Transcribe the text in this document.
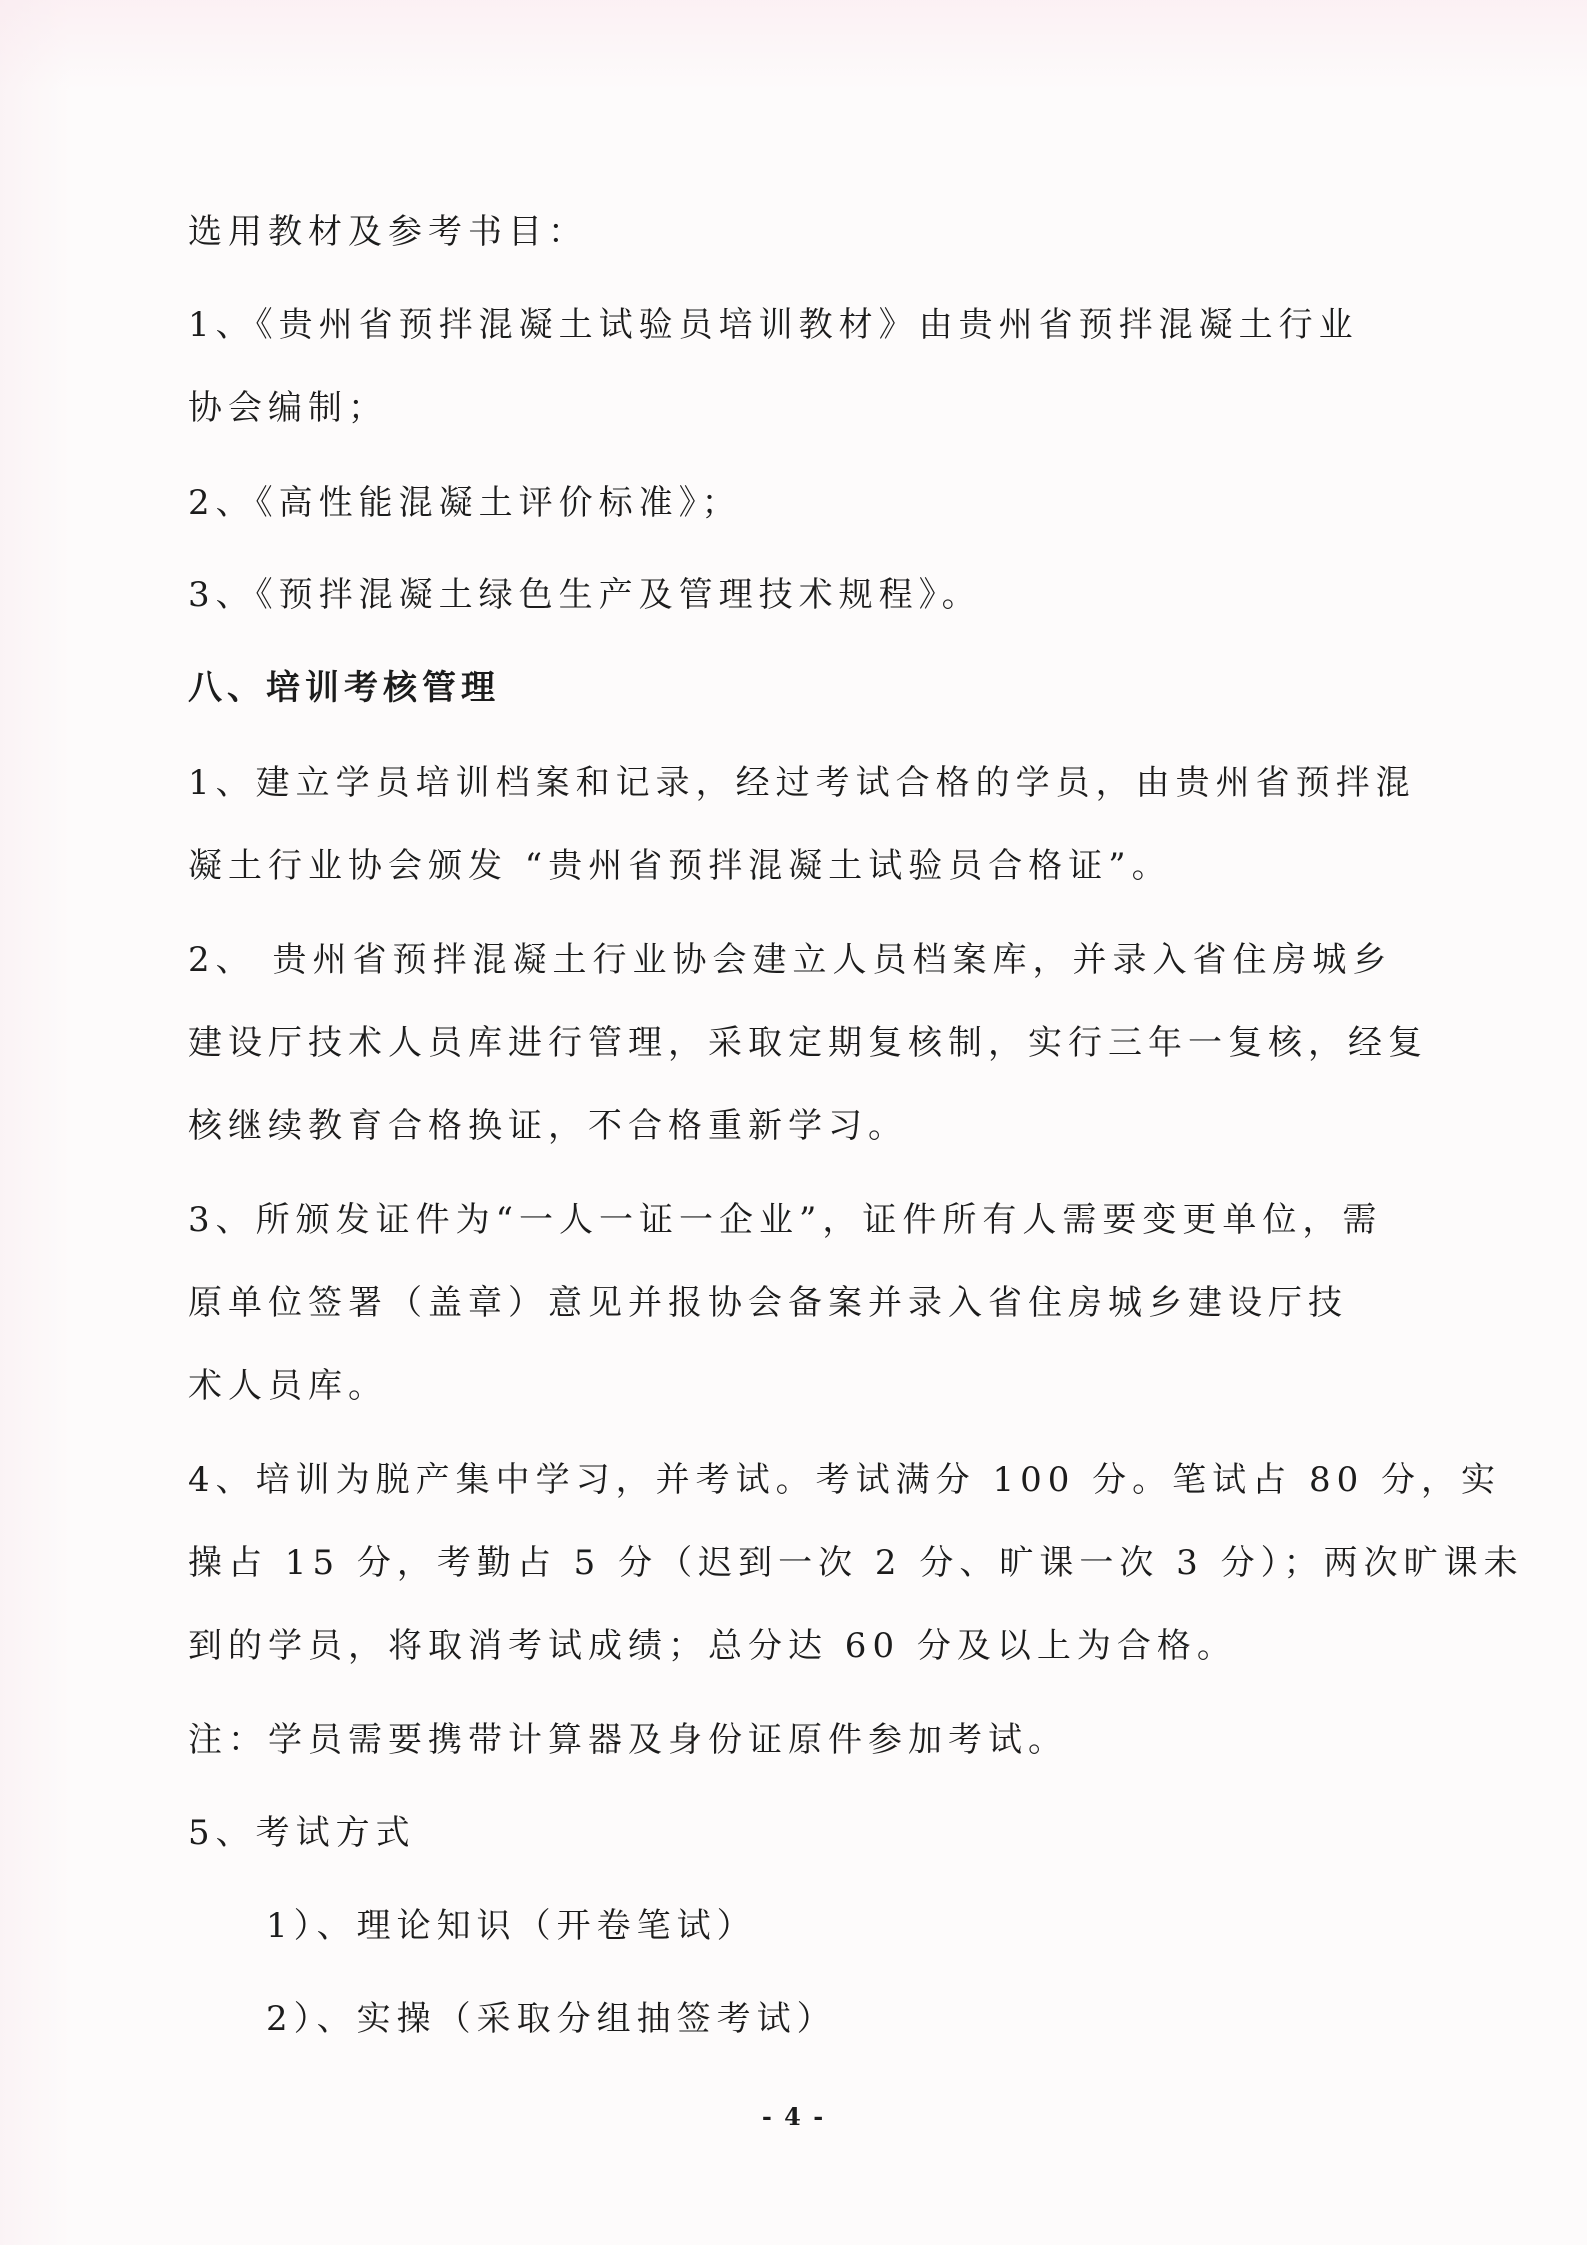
选用教材及参考书目：

1、《贵州省预拌混凝土试验员培训教材》由贵州省预拌混凝土行业

协会编制；

2、《高性能混凝土评价标准》；

3、《预拌混凝土绿色生产及管理技术规程》。

八、培训考核管理

1、建立学员培训档案和记录，经过考试合格的学员，由贵州省预拌混

凝土行业协会颁发 “贵州省预拌混凝土试验员合格证”。

2、 贵州省预拌混凝土行业协会建立人员档案库，并录入省住房城乡

建设厅技术人员库进行管理，采取定期复核制，实行三年一复核，经复

核继续教育合格换证，不合格重新学习。

3、所颁发证件为“一人一证一企业”，证件所有人需要变更单位，需

原单位签署（盖章）意见并报协会备案并录入省住房城乡建设厅技

术人员库。

4、培训为脱产集中学习，并考试。考试满分 100 分。笔试占 80 分，实

操占 15 分，考勤占 5 分（迟到一次 2 分、旷课一次 3 分）；两次旷课未

到的学员，将取消考试成绩；总分达 60 分及以上为合格。

注：学员需要携带计算器及身份证原件参加考试。

5、考试方式

1）、理论知识（开卷笔试）

2）、实操（采取分组抽签考试）

- 4 -
